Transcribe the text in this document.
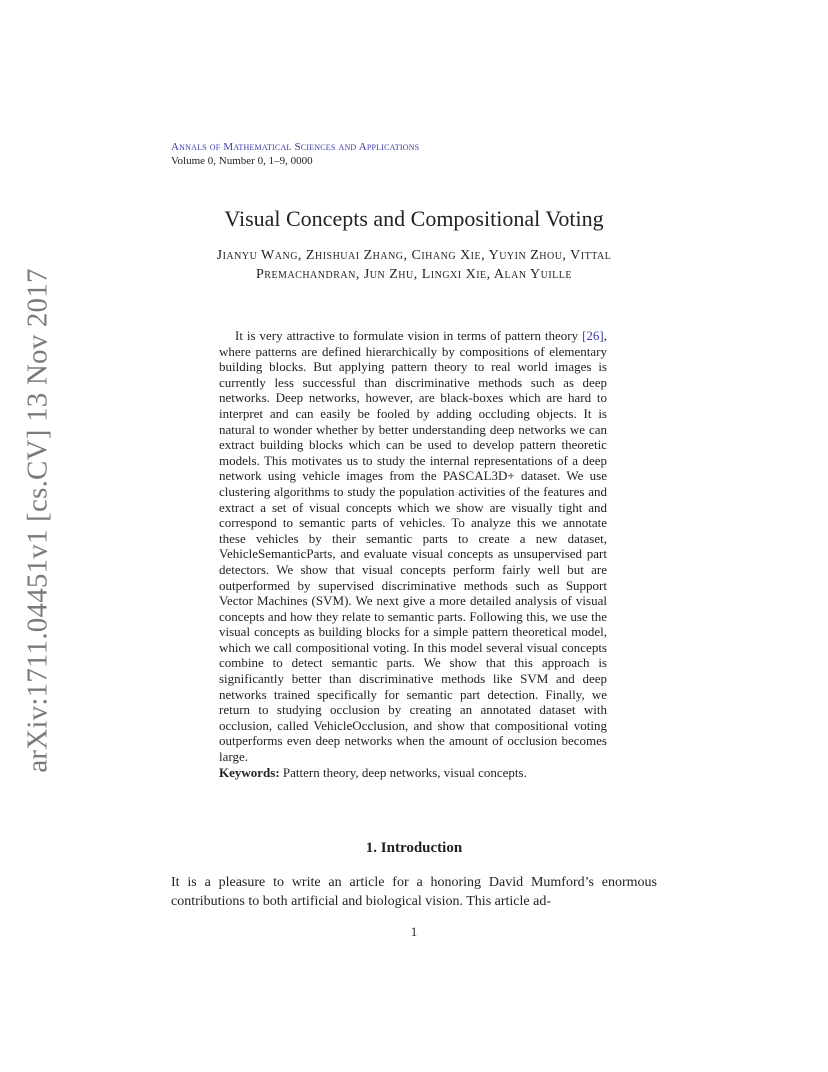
arXiv:1711.04451v1 [cs.CV] 13 Nov 2017
Annals of Mathematical Sciences and Applications
Volume 0, Number 0, 1–9, 0000
Visual Concepts and Compositional Voting
Jianyu Wang, Zhishuai Zhang, Cihang Xie, Yuyin Zhou, Vittal
Premachandran, Jun Zhu, Lingxi Xie, Alan Yuille

It is very attractive to formulate vision in terms of pattern theory [26], where patterns are defined hierarchically by compositions of elementary building blocks. But applying pattern theory to real world images is currently less successful than discriminative methods such as deep networks. Deep networks, however, are black-boxes which are hard to interpret and can easily be fooled by adding occluding objects. It is natural to wonder whether by better understanding deep networks we can extract building blocks which can be used to develop pattern theoretic models. This motivates us to study the internal representations of a deep network using vehicle images from the PASCAL3D+ dataset. We use clustering algorithms to study the population activities of the features and extract a set of visual concepts which we show are visually tight and correspond to semantic parts of vehicles. To analyze this we annotate these vehicles by their semantic parts to create a new dataset, VehicleSemanticParts, and evaluate visual concepts as unsupervised part detectors. We show that visual concepts perform fairly well but are outperformed by supervised discriminative methods such as Support Vector Machines (SVM). We next give a more detailed analysis of visual concepts and how they relate to semantic parts. Following this, we use the visual concepts as building blocks for a simple pattern theoretical model, which we call compositional voting. In this model several visual concepts combine to detect semantic parts. We show that this approach is significantly better than discriminative methods like SVM and deep networks trained specifically for semantic part detection. Finally, we return to studying occlusion by creating an annotated dataset with occlusion, called VehicleOcclusion, and show that compositional voting outperforms even deep networks when the amount of occlusion becomes large.

Keywords: Pattern theory, deep networks, visual concepts.
1. Introduction

It is a pleasure to write an article for a honoring David Mumford’s enormous contributions to both artificial and biological vision. This article ad-

1
